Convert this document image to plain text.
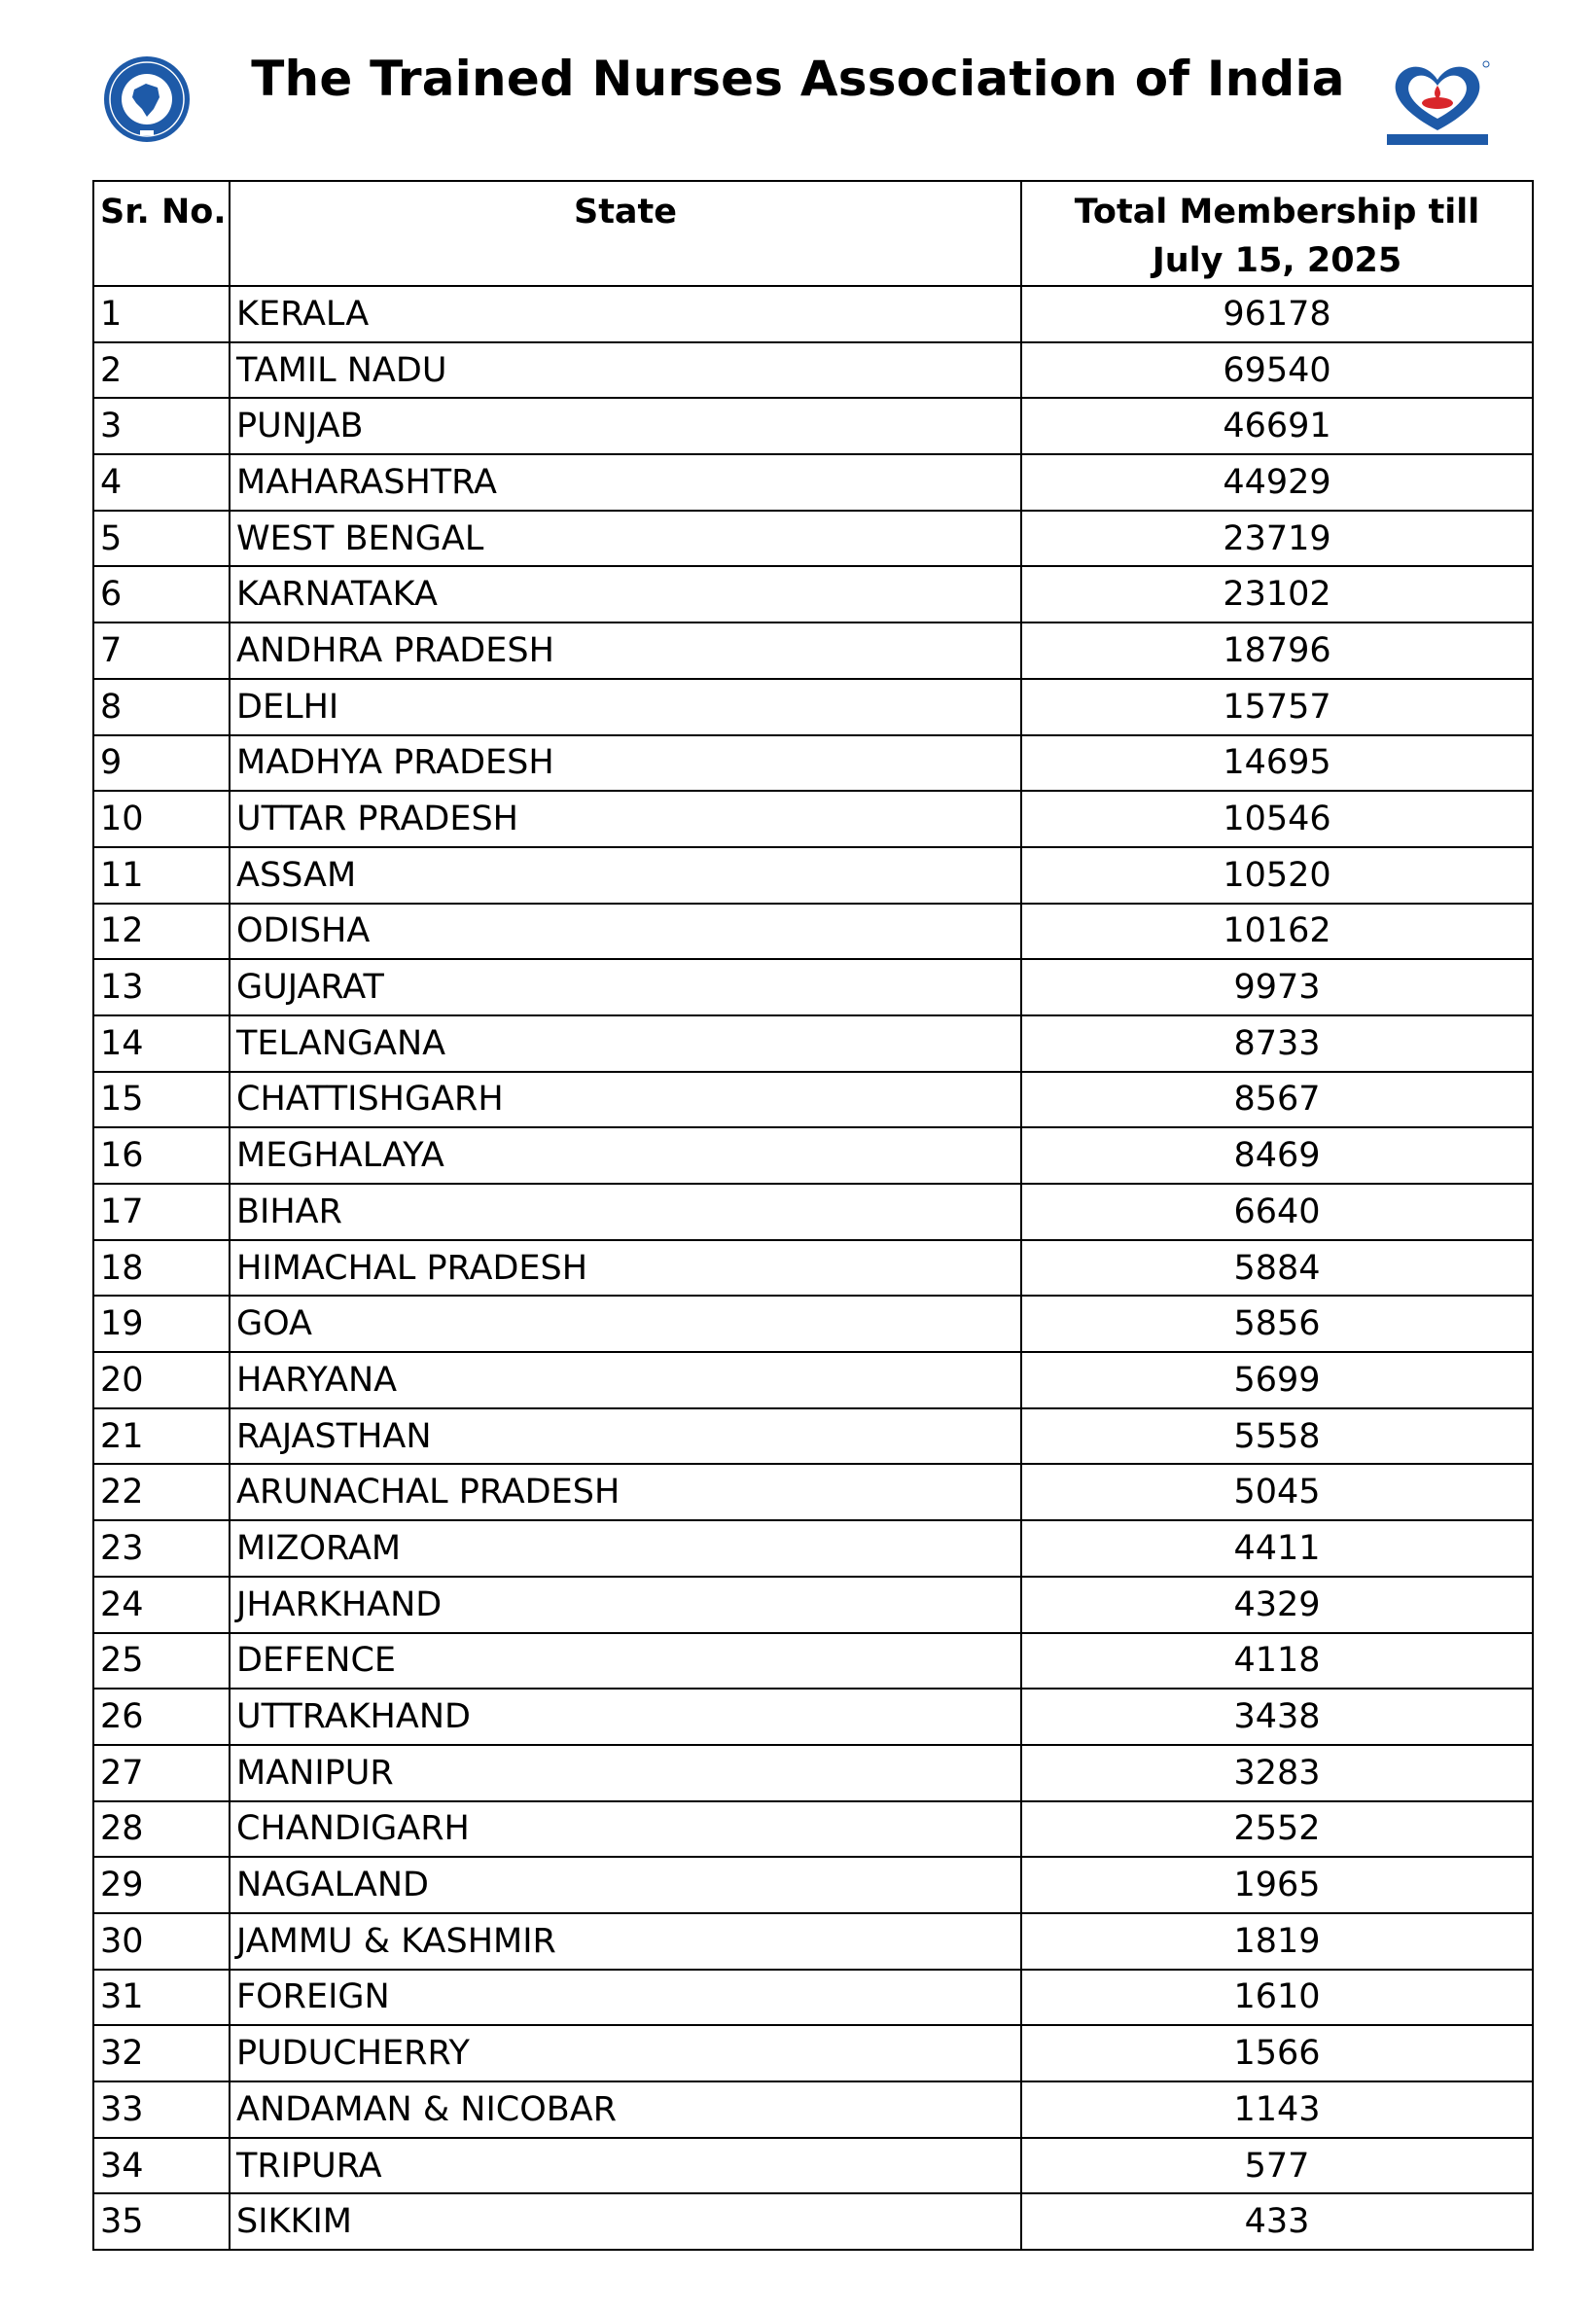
The Trained Nurses Association of India
Sr. No.	State	Total Membership till July 15, 2025
1	KERALA	96178
2	TAMIL NADU	69540
3	PUNJAB	46691
4	MAHARASHTRA	44929
5	WEST BENGAL	23719
6	KARNATAKA	23102
7	ANDHRA PRADESH	18796
8	DELHI	15757
9	MADHYA PRADESH	14695
10	UTTAR PRADESH	10546
11	ASSAM	10520
12	ODISHA	10162
13	GUJARAT	9973
14	TELANGANA	8733
15	CHATTISHGARH	8567
16	MEGHALAYA	8469
17	BIHAR	6640
18	HIMACHAL PRADESH	5884
19	GOA	5856
20	HARYANA	5699
21	RAJASTHAN	5558
22	ARUNACHAL PRADESH	5045
23	MIZORAM	4411
24	JHARKHAND	4329
25	DEFENCE	4118
26	UTTRAKHAND	3438
27	MANIPUR	3283
28	CHANDIGARH	2552
29	NAGALAND	1965
30	JAMMU & KASHMIR	1819
31	FOREIGN	1610
32	PUDUCHERRY	1566
33	ANDAMAN & NICOBAR	1143
34	TRIPURA	577
35	SIKKIM	433
